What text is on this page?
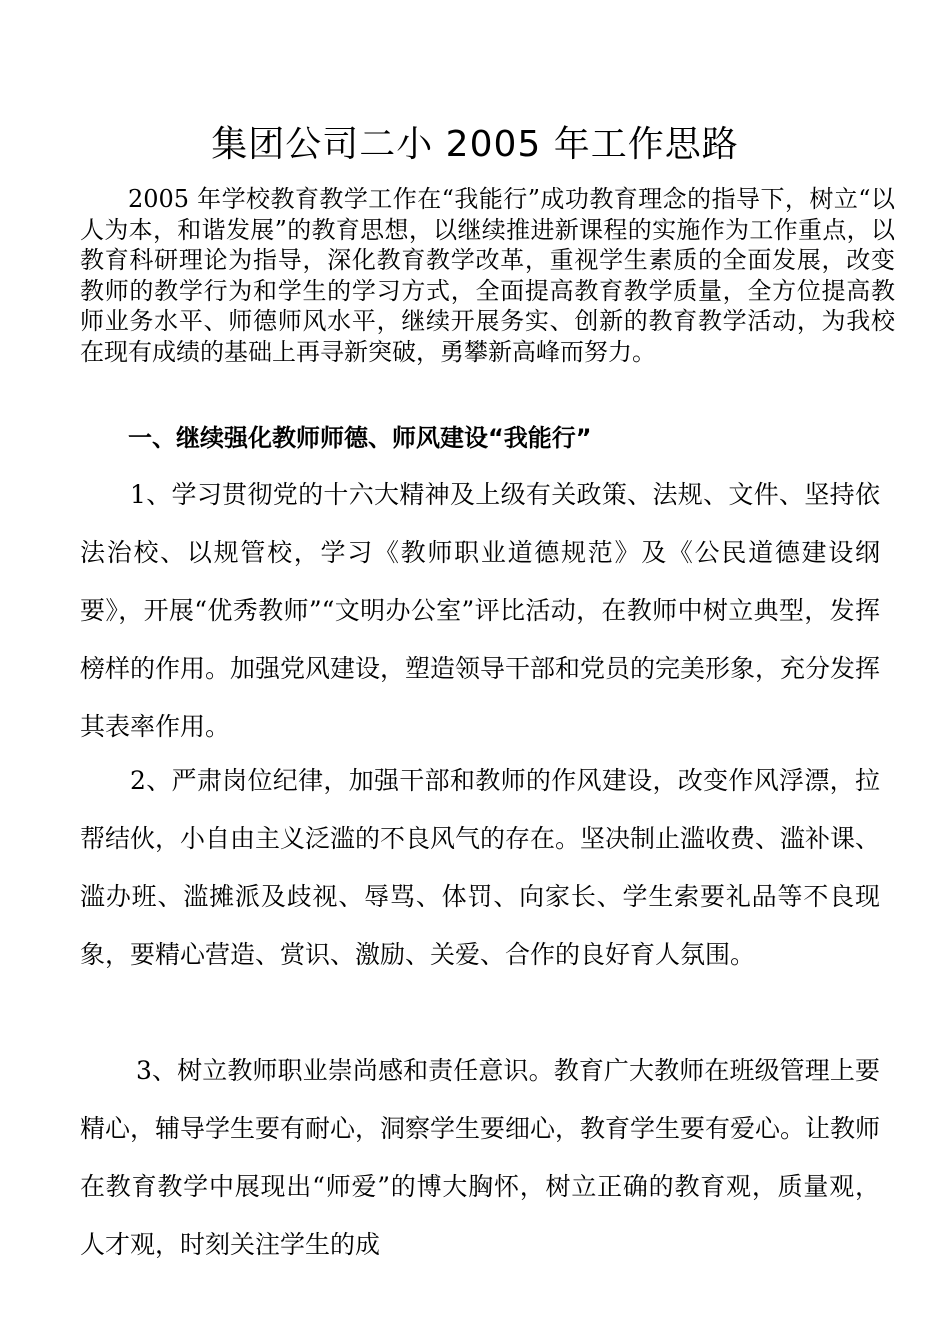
集团公司二小 2005 年工作思路

2005 年学校教育教学工作在“我能行”成功教育理念的指导下，树立“以人为本，和谐发展”的教育思想，以继续推进新课程的实施作为工作重点，以教育科研理论为指导，深化教育教学改革，重视学生素质的全面发展，改变教师的教学行为和学生的学习方式，全面提高教育教学质量，全方位提高教师业务水平、师德师风水平，继续开展务实、创新的教育教学活动，为我校在现有成绩的基础上再寻新突破，勇攀新高峰而努力。

一、继续强化教师师德、师风建设“我能行”

1、学习贯彻党的十六大精神及上级有关政策、法规、文件、坚持依法治校、以规管校，学习《教师职业道德规范》及《公民道德建设纲要》，开展“优秀教师”“文明办公室”评比活动，在教师中树立典型，发挥榜样的作用。加强党风建设，塑造领导干部和党员的完美形象，充分发挥其表率作用。

2、严肃岗位纪律，加强干部和教师的作风建设，改变作风浮漂，拉帮结伙，小自由主义泛滥的不良风气的存在。坚决制止滥收费、滥补课、滥办班、滥摊派及歧视、辱骂、体罚、向家长、学生索要礼品等不良现象，要精心营造、赏识、激励、关爱、合作的良好育人氛围。

3、树立教师职业崇尚感和责任意识。教育广大教师在班级管理上要精心，辅导学生要有耐心，洞察学生要细心，教育学生要有爱心。让教师在教育教学中展现出“师爱”的博大胸怀，树立正确的教育观，质量观，人才观，时刻关注学生的成
